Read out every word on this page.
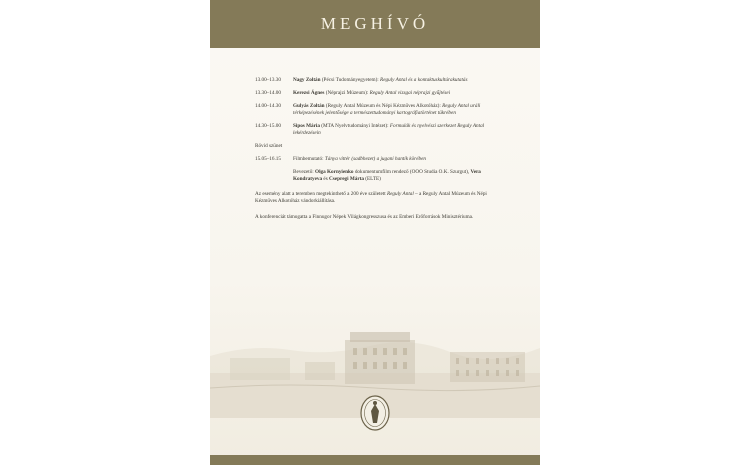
MEGHÍVÓ
13.00–13.30	Nagy Zoltán (Pécsi Tudományegyetem): Reguly Antal és a kontaktuskultúrakutatás
13.30–14.00	Kerezsi Ágnes (Néprajzi Múzeum): Reguly Antal vizsgai néprajzi gyűjtései
14.00–14.30	Gulyás Zoltán (Reguly Antal Múzeum és Népi Kézműves Alkotóház): Reguly Antal uráli térképezésének jelentősége a természettudományi kartográfiatörténet tükrében
14.30–15.00	Sipos Mária (MTA Nyelvtudományi Intézet): Formulák és nyelvészi szerkezet Reguly Antal lekérdezésein
Rövid szünet
15.05–16.15	Filmbemutató: Tánya vittér (sadbhezet) a jugani hantik körében
Bevezető: Olga Kornyienko dokumentumfilm rendező (OOO Studia O.K. Szurgut), Vera Kondratyeva és Csepregi Márta (ELTE)
Az esemény alatt a teremben megtekinthető a 200 éve született Reguly Antal – a Reguly Antal Múzeum és Népi Kézműves Alkotóház vándorkiállítása.
A konferenciát támogatta a Finnugor Népek Világkongresszusa és az Emberi Erőforrások Minisztériuma.
